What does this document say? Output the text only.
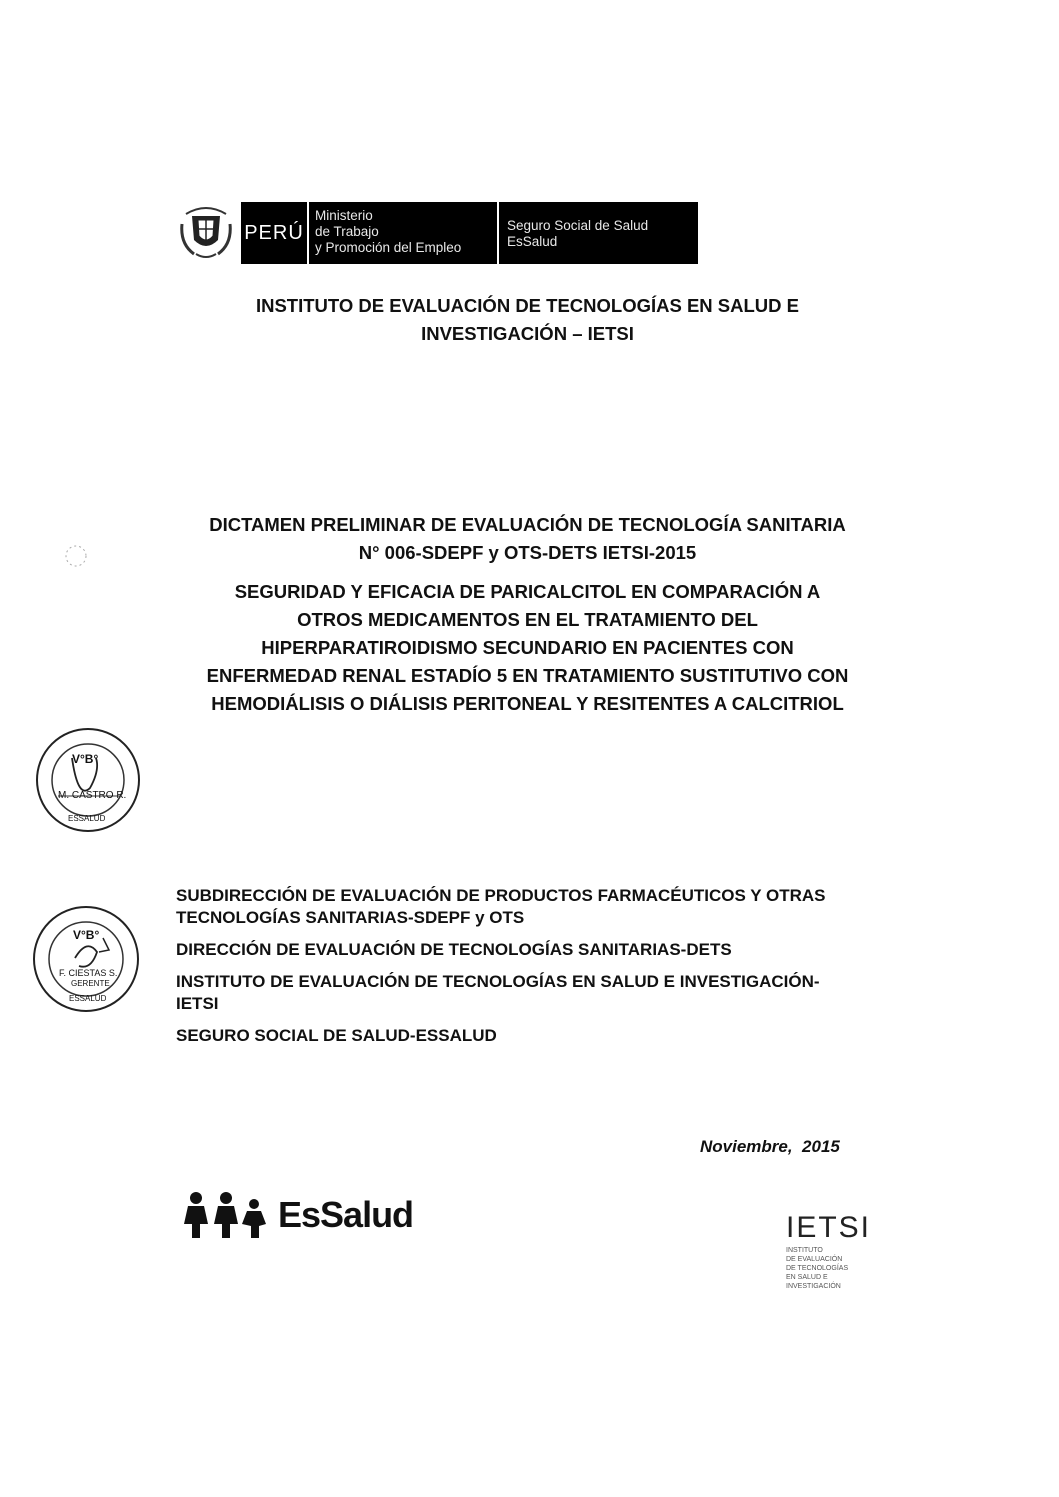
PERÚ
Ministerio
de Trabajo
y Promoción del Empleo
Seguro Social de Salud
EsSalud
INSTITUTO DE EVALUACIÓN DE TECNOLOGÍAS EN SALUD E
INVESTIGACIÓN – IETSI
DICTAMEN PRELIMINAR DE EVALUACIÓN DE TECNOLOGÍA SANITARIA
N° 006-SDEPF y OTS-DETS IETSI-2015
SEGURIDAD Y EFICACIA DE PARICALCITOL EN COMPARACIÓN A
OTROS MEDICAMENTOS EN EL TRATAMIENTO DEL
HIPERPARATIROIDISMO SECUNDARIO EN PACIENTES CON
ENFERMEDAD RENAL ESTADÍO 5 EN TRATAMIENTO SUSTITUTIVO CON
HEMODIÁLISIS O DIÁLISIS PERITONEAL Y RESITENTES A CALCITRIOL
V°B°
M. CASTRO R.
ESSALUD
V°B°
F. CIESTAS S.
GERENTE
ESSALUD
SUBDIRECCIÓN DE EVALUACIÓN DE PRODUCTOS FARMACÉUTICOS Y OTRAS
TECNOLOGÍAS SANITARIAS-SDEPF y OTS
DIRECCIÓN DE EVALUACIÓN DE TECNOLOGÍAS SANITARIAS-DETS
INSTITUTO DE EVALUACIÓN DE TECNOLOGÍAS EN SALUD E INVESTIGACIÓN-
IETSI
SEGURO SOCIAL DE SALUD-ESSALUD
Noviembre,  2015
EsSalud	IETSI
INSTITUTO
DE EVALUACIÓN
DE TECNOLOGÍAS
EN SALUD E
INVESTIGACIÓN
